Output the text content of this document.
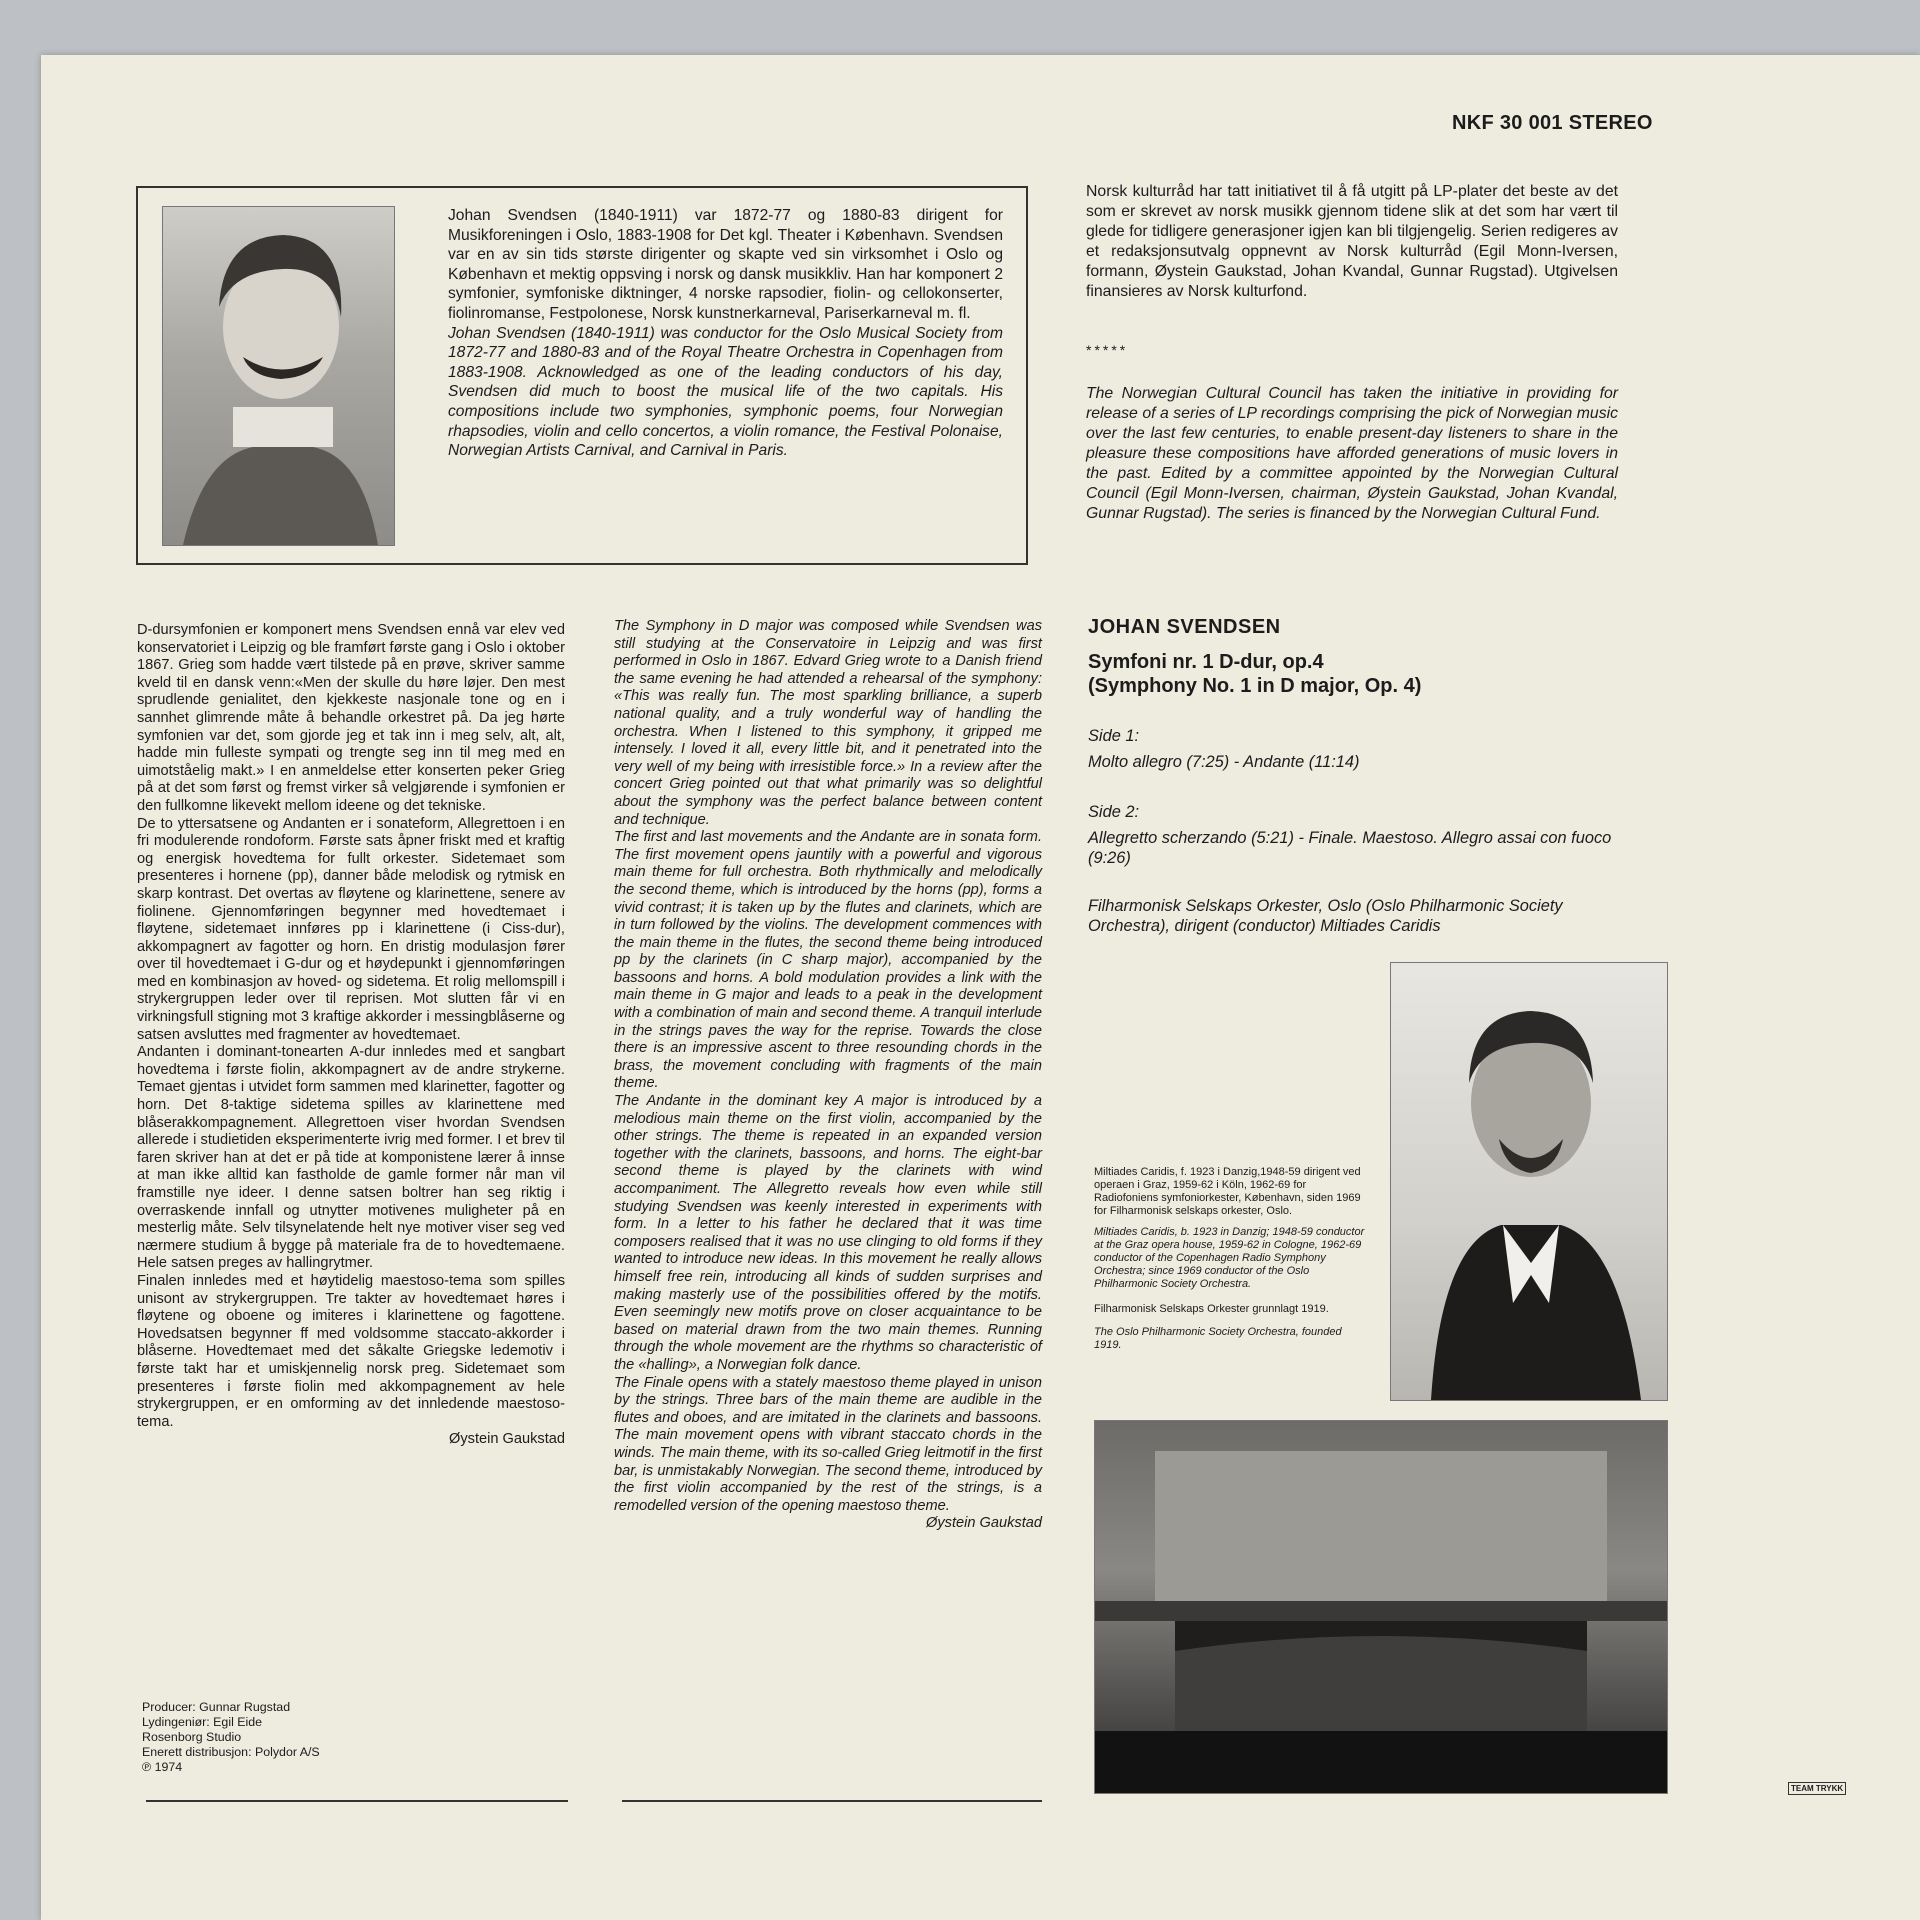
NKF 30 001 STEREO
Johan Svendsen (1840-1911) var 1872-77 og 1880-83 dirigent for Musikforeningen i Oslo, 1883-1908 for Det kgl. Theater i København. Svendsen var en av sin tids største dirigenter og skapte ved sin virksomhet i Oslo og København et mektig oppsving i norsk og dansk musikkliv. Han har komponert 2 symfonier, symfoniske diktninger, 4 norske rapsodier, fiolin- og cellokonserter, fiolinromanse, Festpolonese, Norsk kunstnerkarneval, Pariserkarneval m. fl.
Johan Svendsen (1840-1911) was conductor for the Oslo Musical Society from 1872-77 and 1880-83 and of the Royal Theatre Orchestra in Copenhagen from 1883-1908. Acknowledged as one of the leading conductors of his day, Svendsen did much to boost the musical life of the two capitals. His compositions include two symphonies, symphonic poems, four Norwegian rhapsodies, violin and cello concertos, a violin romance, the Festival Polonaise, Norwegian Artists Carnival, and Carnival in Paris.
Norsk kulturråd har tatt initiativet til å få utgitt på LP-plater det beste av det som er skrevet av norsk musikk gjennom tidene slik at det som har vært til glede for tidligere generasjoner igjen kan bli tilgjengelig. Serien redigeres av et redaksjonsutvalg oppnevnt av Norsk kulturråd (Egil Monn-Iversen, formann, Øystein Gaukstad, Johan Kvandal, Gunnar Rugstad). Utgivelsen finansieres av Norsk kulturfond.
*****
The Norwegian Cultural Council has taken the initiative in providing for release of a series of LP recordings comprising the pick of Norwegian music over the last few centuries, to enable present-day listeners to share in the pleasure these compositions have afforded generations of music lovers in the past. Edited by a committee appointed by the Norwegian Cultural Council (Egil Monn-Iversen, chairman, Øystein Gaukstad, Johan Kvandal, Gunnar Rugstad). The series is financed by the Norwegian Cultural Fund.
D-dursymfonien er komponert mens Svendsen ennå var elev ved konservatoriet i Leipzig og ble framført første gang i Oslo i oktober 1867. Grieg som hadde vært tilstede på en prøve, skriver samme kvеld til en dansk venn:«Men der skulle du høre løjer. Den mest sprudlende genialitet, den kjekkeste nasjonale tone og en i sannhet glimrende måte å behandle orkestret på. Da jeg hørte symfonien var det, som gjorde jeg et tak inn i meg selv, alt, alt, hadde min fulleste sympati og trengte seg inn til meg med en uimotståelig makt.» I en anmeldelse etter konserten peker Grieg på at det som først og fremst virker så velgjørende i symfonien er den fullkomne likevekt mellom ideene og det tekniske.
De to yttersatsene og Andanten er i sonateform, Allegrettoen i en fri modulerende rondoform. Første sats åpner friskt med et kraftig og energisk hovedtema for fullt orkester. Sidetemaet som presenteres i hornene (pp), danner både melodisk og rytmisk en skarp kontrast. Det overtas av fløytene og klarinettene, senere av fiolinene. Gjennomføringen begynner med hovedtemaet i fløytene, sidetemaet innføres pp i klarinettene (i Ciss-dur), akkompagnert av fagotter og horn. En dristig modulasjon fører over til hovedtemaet i G-dur og et høydepunkt i gjennomføringen med en kombinasjon av hoved- og sidetema. Et rolig mellomspill i strykergruppen leder over til reprisen. Mot slutten får vi en virkningsfull stigning mot 3 kraftige akkorder i messingblåserne og satsen avsluttes med fragmenter av hovedtemaet.
Andanten i dominant-tonearten A-dur innledes med et sangbart hovedtema i første fiolin, akkompagnert av de andre strykerne. Temaet gjentas i utvidet form sammen med klarinetter, fagotter og horn. Det 8-taktige sidetema spilles av klarinettene med blåserakkompagnement. Allegrettoen viser hvordan Svendsen allerede i studietiden eksperimenterte ivrig med former. I et brev til faren skriver han at det er på tide at komponistene lærer å innse at man ikke alltid kan fastholde de gamle former når man vil framstille nye ideer. I denne satsen boltrer han seg riktig i overraskende innfall og utnytter motivenes muligheter på en mesterlig måte. Selv tilsynelatende helt nye motiver viser seg ved nærmere studium å bygge på materiale fra de to hovedtemaene. Hele satsen preges av hallingrytmer.
Finalen innledes med et høytidelig maestoso-tema som spilles unisont av strykergruppen. Tre takter av hovedtemaet høres i fløytene og oboene og imiteres i klarinettene og fagottene. Hovedsatsen begynner ff med voldsomme staccato-akkorder i blåserne. Hovedtemaet med det såkalte Griegske ledemotiv i første takt har et umiskjennelig norsk preg. Sidetemaet som presenteres i første fiolin med akkompagnement av hele strykergruppen, er en omforming av det innledende maestoso-tema.
Øystein Gaukstad
The Symphony in D major was composed while Svendsen was still studying at the Conservatoire in Leipzig and was first performed in Oslo in 1867. Edvard Grieg wrote to a Danish friend the same evening he had attended a rehearsal of the symphony: «This was really fun. The most sparkling brilliance, a superb national quality, and a truly wonderful way of handling the orchestra. When I listened to this symphony, it gripped me intensely. I loved it all, every little bit, and it penetrated into the very well of my being with irresistible force.» In a review after the concert Grieg pointed out that what primarily was so delightful about the symphony was the perfect balance between content and technique.
The first and last movements and the Andante are in sonata form. The first movement opens jauntily with a powerful and vigorous main theme for full orchestra. Both rhythmically and melodically the second theme, which is introduced by the horns (pp), forms a vivid contrast; it is taken up by the flutes and clarinets, which are in turn followed by the violins. The development commences with the main theme in the flutes, the second theme being introduced pp by the clarinets (in C sharp major), accompanied by the bassoons and horns. A bold modulation provides a link with the main theme in G major and leads to a peak in the development with a combination of main and second theme. A tranquil interlude in the strings paves the way for the reprise. Towards the close there is an impressive ascent to three resounding chords in the brass, the movement concluding with fragments of the main theme.
The Andante in the dominant key A major is introduced by a melodious main theme on the first violin, accompanied by the other strings. The theme is repeated in an expanded version together with the clarinets, bassoons, and horns. The eight-bar second theme is played by the clarinets with wind accompaniment. The Allegretto reveals how even while still studying Svendsen was keenly interested in experiments with form. In a letter to his father he declared that it was time composers realised that it was no use clinging to old forms if they wanted to introduce new ideas. In this movement he really allows himself free rein, introducing all kinds of sudden surprises and making masterly use of the possibilities offered by the motifs. Even seemingly new motifs prove on closer acquaintance to be based on material drawn from the two main themes. Running through the whole movement are the rhythms so characteristic of the «halling», a Norwegian folk dance.
The Finale opens with a stately maestoso theme played in unison by the strings. Three bars of the main theme are audible in the flutes and oboes, and are imitated in the clarinets and bassoons. The main movement opens with vibrant staccato chords in the winds. The main theme, with its so-called Grieg leitmotif in the first bar, is unmistakably Norwegian. The second theme, introduced by the first violin accompanied by the rest of the strings, is a remodelled version of the opening maestoso theme.
Øystein Gaukstad
JOHAN SVENDSEN
Symfoni nr. 1 D-dur, op.4
(Symphony No. 1 in D major, Op. 4)
Side 1:
Molto allegro (7:25) - Andante (11:14)
Side 2:
Allegretto scherzando (5:21) - Finale. Maestoso. Allegro assai con fuoco (9:26)
Filharmonisk Selskaps Orkester, Oslo (Oslo Philharmonic Society Orchestra), dirigent (conductor) Miltiades Caridis
Miltiades Caridis, f. 1923 i Danzig,1948-59 dirigent ved operaen i Graz, 1959-62 i Köln, 1962-69 for Radiofoniens symfoniorkester, København, siden 1969 for Filharmonisk selskaps orkester, Oslo.
Miltiades Caridis, b. 1923 in Danzig; 1948-59 conductor at the Graz opera house, 1959-62 in Cologne, 1962-69 conductor of the Copenhagen Radio Symphony Orchestra; since 1969 conductor of the Oslo Philharmonic Society Orchestra.
Filharmonisk Selskaps Orkester grunnlagt 1919.
The Oslo Philharmonic Society Orchestra, founded 1919.
Producer: Gunnar Rugstad
Lydingeniør: Egil Eide
Rosenborg Studio
Enerett distribusjon: Polydor A/S
℗ 1974
TEAM TRYKK
